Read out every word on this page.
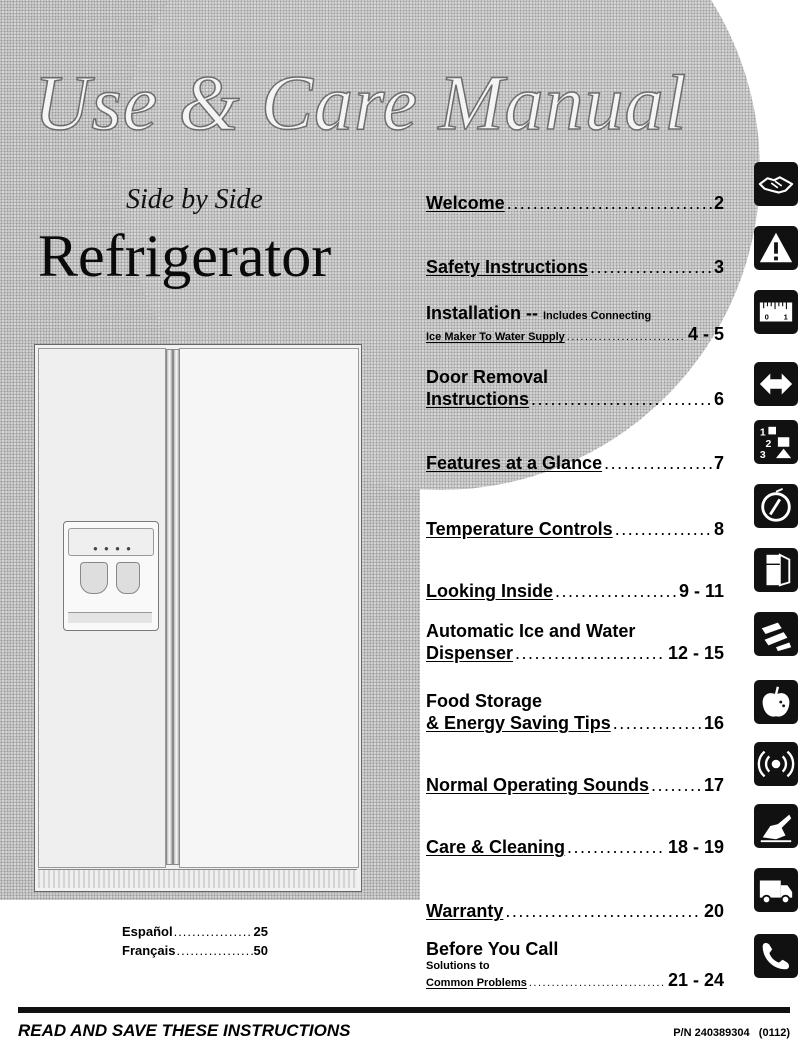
Use & Care Manual
Side by Side
Refrigerator
● ● ● ●
Español .....	25
Français .....	50
Welcome .....	2
Safety Instructions .....	3
Installation -- Includes Connecting
Ice Maker To Water Supply .....	4 - 5
0 1
Door Removal
Instructions .....	6
Features at a Glance .....	7
1
2
3
Temperature Controls .....	8
Looking Inside .....	9 - 11
Automatic Ice and Water
Dispenser .....	12 - 15
Food Storage
& Energy Saving Tips .....	16
Normal Operating Sounds .....	17
Care & Cleaning .....	18 - 19
Warranty .....	20
Before You Call
Solutions to
Common Problems .....	21 - 24
READ AND SAVE THESE INSTRUCTIONS	P/N 240389304   (0112)
